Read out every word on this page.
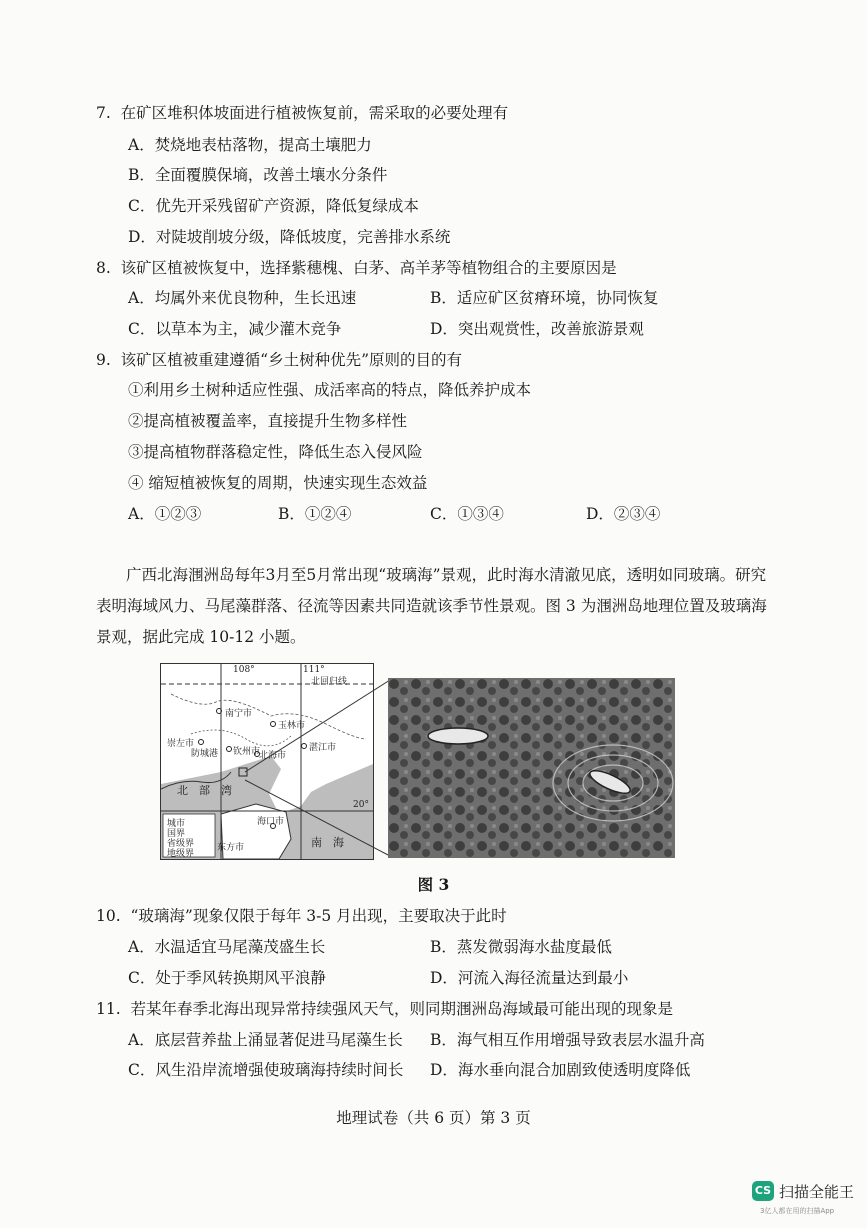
7.  在矿区堆积体坡面进行植被恢复前，需采取的必要处理有
A．焚烧地表枯落物，提高土壤肥力
B．全面覆膜保墒，改善土壤水分条件
C．优先开采残留矿产资源，降低复绿成本
D．对陡坡削坡分级，降低坡度，完善排水系统
8.  该矿区植被恢复中，选择紫穗槐、白茅、高羊茅等植物组合的主要原因是
A．均属外来优良物种，生长迅速	B．适应矿区贫瘠环境，协同恢复
C．以草本为主，减少灌木竞争	D．突出观赏性，改善旅游景观
9.  该矿区植被重建遵循“乡土树种优先”原则的目的有
①利用乡土树种适应性强、成活率高的特点，降低养护成本
②提高植被覆盖率，直接提升生物多样性
③提高植物群落稳定性，降低生态入侵风险
④ 缩短植被恢复的周期，快速实现生态效益
A．①②③	B．①②④	C．①③④	D．②③④
广西北海涠洲岛每年3月至5月常出现“玻璃海”景观，此时海水清澈见底，透明如同玻璃。研究表明海域风力、马尾藻群落、径流等因素共同造就该季节性景观。图 3 为涠洲岛地理位置及玻璃海景观，据此完成 10-12 小题。
108°	111°
20°
北回归线
南宁市
玉林市
崇左市
防城港 钦州市
北海市
湛江市
海口市
东方市
北　部　湾
南　海
城市
国界
省级界
地级界
图 3
10.  “玻璃海”现象仅限于每年 3-5 月出现，主要取决于此时
A．水温适宜马尾藻茂盛生长	B．蒸发微弱海水盐度最低
C．处于季风转换期风平浪静	D．河流入海径流量达到最小
11.  若某年春季北海出现异常持续强风天气，则同期涠洲岛海域最可能出现的现象是
A．底层营养盐上涌显著促进马尾藻生长 B．海气相互作用增强导致表层水温升高
C．风生沿岸流增强使玻璃海持续时间长 D．海水垂向混合加剧致使透明度降低
地理试卷（共 6 页）第 3 页
CS 扫描全能王
3亿人都在用的扫描App
